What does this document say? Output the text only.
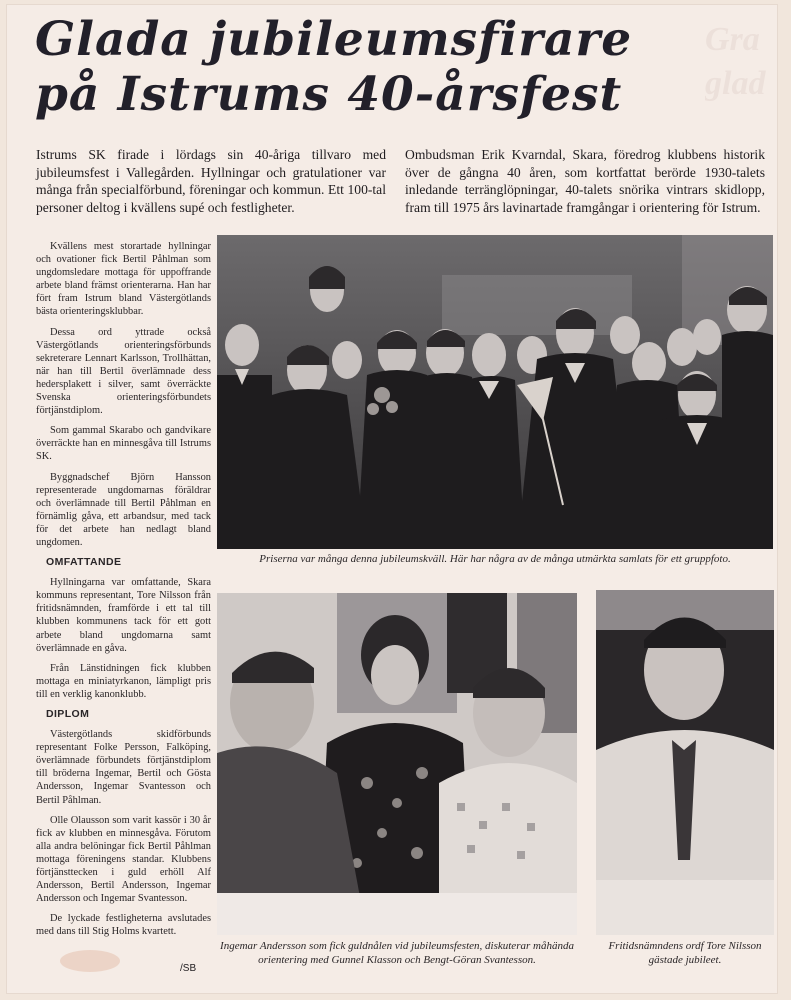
Gra
glad
Glada jubileumsfirare
på Istrums 40-årsfest

Istrums SK firade i lördags sin 40-åriga tillvaro med jubileumsfest i Vallegården. Hyllningar och gratulationer var många från specialförbund, föreningar och kommun. Ett 100-tal personer deltog i kvällens supé och festligheter.

Ombudsman Erik Kvarndal, Skara, föredrog klubbens historik över de gångna 40 åren, som kortfattat berörde 1930-talets inledande terränglöpningar, 40-talets snörika vintrars skidlopp, fram till 1975 års lavinartade framgångar i orientering för Istrum.

Kvällens mest storartade hyllningar och ovationer fick Bertil Påhlman som ungdomsledare mottaga för uppoffrande arbete bland främst orienterarna. Han har fört fram Istrum bland Västergötlands bästa orienteringsklubbar.

Dessa ord yttrade också Västergötlands orienteringsförbunds sekreterare Lennart Karlsson, Trollhättan, när han till Bertil överlämnade dess hedersplakett i silver, samt överräckte Svenska orienteringsförbundets förtjänstdiplom.

Som gammal Skarabo och gandvikare överräckte han en minnesgåva till Istrums SK.

Byggnadschef Björn Hansson representerade ungdomarnas föräldrar och överlämnade till Bertil Påhlman en förnämlig gåva, ett arbandsur, med tack för det arbete han nedlagt bland ungdomen.

OMFATTANDE

Hyllningarna var omfattande, Skara kommuns representant, Tore Nilsson från fritidsnämnden, framförde i ett tal till klubben kommunens tack för ett gott arbete bland ungdomarna samt överlämnade en gåva.

Från Länstidningen fick klubben mottaga en miniatyrkanon, lämpligt pris till en verklig kanonklubb.

DIPLOM

Västergötlands skidförbunds representant Folke Persson, Falköping, överlämnade förbundets förtjänstdiplom till bröderna Ingemar, Bertil och Gösta Andersson, Ingemar Svantesson och Bertil Påhlman.

Olle Olausson som varit kassör i 30 år fick av klubben en minnesgåva. Förutom alla andra belöningar fick Bertil Påhlman mottaga föreningens standar. Klubbens förtjänsttecken i guld erhöll Alf Andersson, Bertil Andersson, Ingemar Andersson och Ingemar Svantesson.

De lyckade festligheterna avslutades med dans till Stig Holms kvartett.

/SB

Priserna var många denna jubileumskväll. Här har några av de många utmärkta samlats för ett gruppfoto.

Ingemar Andersson som fick guldnålen vid jubileumsfesten, diskuterar måhända orientering med Gunnel Klasson och Bengt-Göran Svantesson.

Fritidsnämndens ordf Tore Nilsson gästade jubileet.
